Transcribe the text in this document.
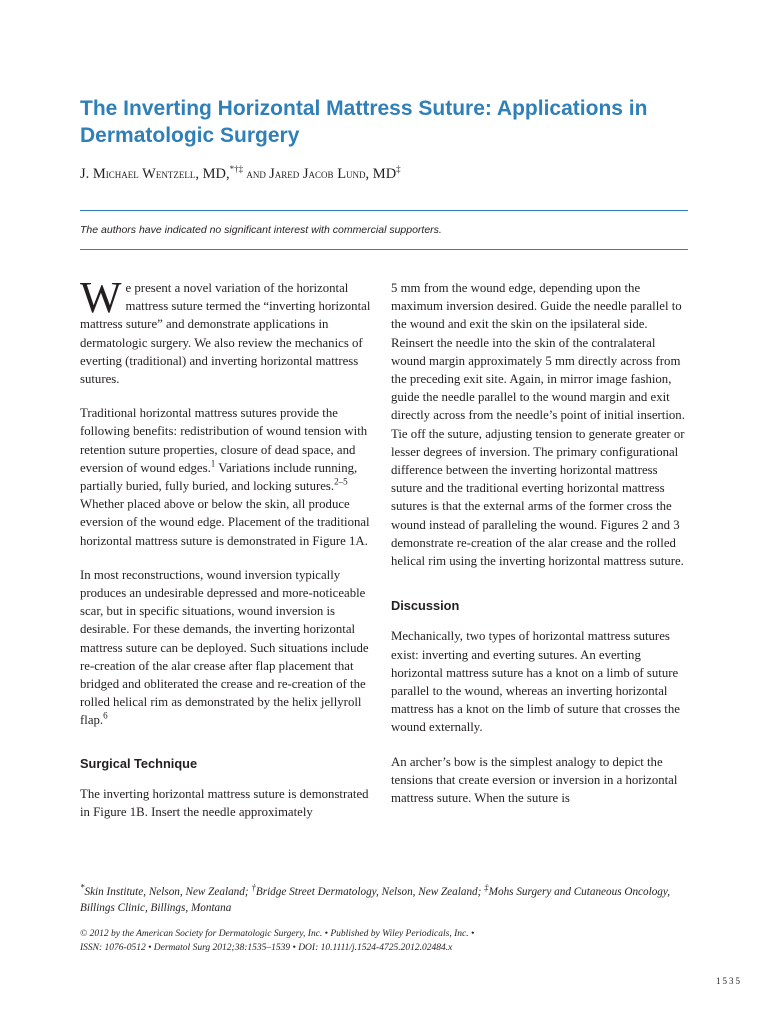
The Inverting Horizontal Mattress Suture: Applications in Dermatologic Surgery

J. Michael Wentzell, MD,*†‡ and Jared Jacob Lund, MD‡

The authors have indicated no significant interest with commercial supporters.

We present a novel variation of the horizontal mattress suture termed the “inverting horizontal mattress suture” and demonstrate applications in dermatologic surgery. We also review the mechanics of everting (traditional) and inverting horizontal mattress sutures.

Traditional horizontal mattress sutures provide the following benefits: redistribution of wound tension with retention suture properties, closure of dead space, and eversion of wound edges.$^1$ Variations include running, partially buried, fully buried, and locking sutures.$^{2-5}$ Whether placed above or below the skin, all produce eversion of the wound edge. Placement of the traditional horizontal mattress suture is demonstrated in Figure 1A.

In most reconstructions, wound inversion typically produces an undesirable depressed and more-noticeable scar, but in specific situations, wound inversion is desirable. For these demands, the inverting horizontal mattress suture can be deployed. Such situations include re-creation of the alar crease after flap placement that bridged and obliterated the crease and re-creation of the rolled helical rim as demonstrated by the helix jellyroll flap.$^6$

Surgical Technique

The inverting horizontal mattress suture is demonstrated in Figure 1B. Insert the needle approximately

5 mm from the wound edge, depending upon the maximum inversion desired. Guide the needle parallel to the wound and exit the skin on the ipsilateral side. Reinsert the needle into the skin of the contralateral wound margin approximately 5 mm directly across from the preceding exit site. Again, in mirror image fashion, guide the needle parallel to the wound margin and exit directly across from the needle’s point of initial insertion. Tie off the suture, adjusting tension to generate greater or lesser degrees of inversion. The primary configurational difference between the inverting horizontal mattress suture and the traditional everting horizontal mattress sutures is that the external arms of the former cross the wound instead of paralleling the wound. Figures 2 and 3 demonstrate re-creation of the alar crease and the rolled helical rim using the inverting horizontal mattress suture.

Discussion

Mechanically, two types of horizontal mattress sutures exist: inverting and everting sutures. An everting horizontal mattress suture has a knot on a limb of suture parallel to the wound, whereas an inverting horizontal mattress has a knot on the limb of suture that crosses the wound externally.

An archer’s bow is the simplest analogy to depict the tensions that create eversion or inversion in a horizontal mattress suture. When the suture is

*Skin Institute, Nelson, New Zealand; †Bridge Street Dermatology, Nelson, New Zealand; ‡Mohs Surgery and Cutaneous Oncology, Billings Clinic, Billings, Montana

© 2012 by the American Society for Dermatologic Surgery, Inc. • Published by Wiley Periodicals, Inc. •
ISSN: 1076-0512 • Dermatol Surg 2012;38:1535–1539 • DOI: 10.1111/j.1524-4725.2012.02484.x

1535
